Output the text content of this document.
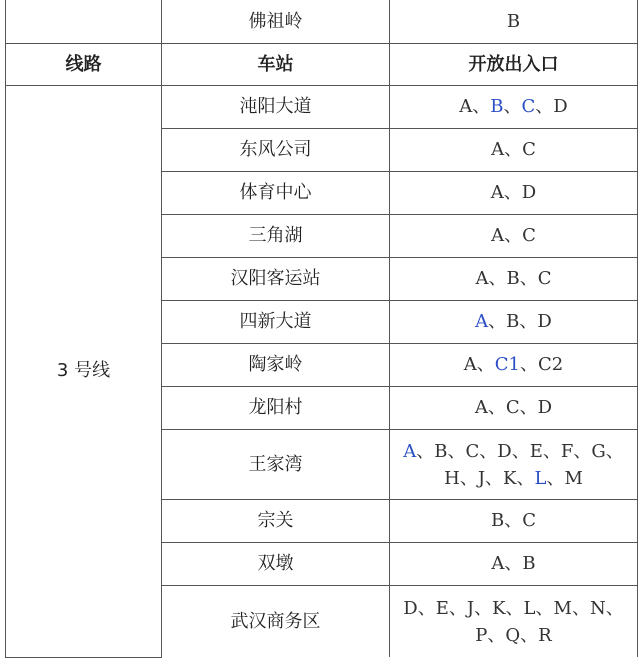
	佛祖岭	B
线路	车站	开放出入口
3 号线	沌阳大道	A、B、C、D
	东风公司	A、C
	体育中心	A、D
	三角湖	A、C
	汉阳客运站	A、B、C
	四新大道	A、B、D
	陶家岭	A、C1、C2
	龙阳村	A、C、D
	王家湾	A、B、C、D、E、F、G、H、J、K、L、M

	宗关	B、C
	双墩	A、B
	武汉商务区	D、E、J、K、L、M、N、P、Q、R
